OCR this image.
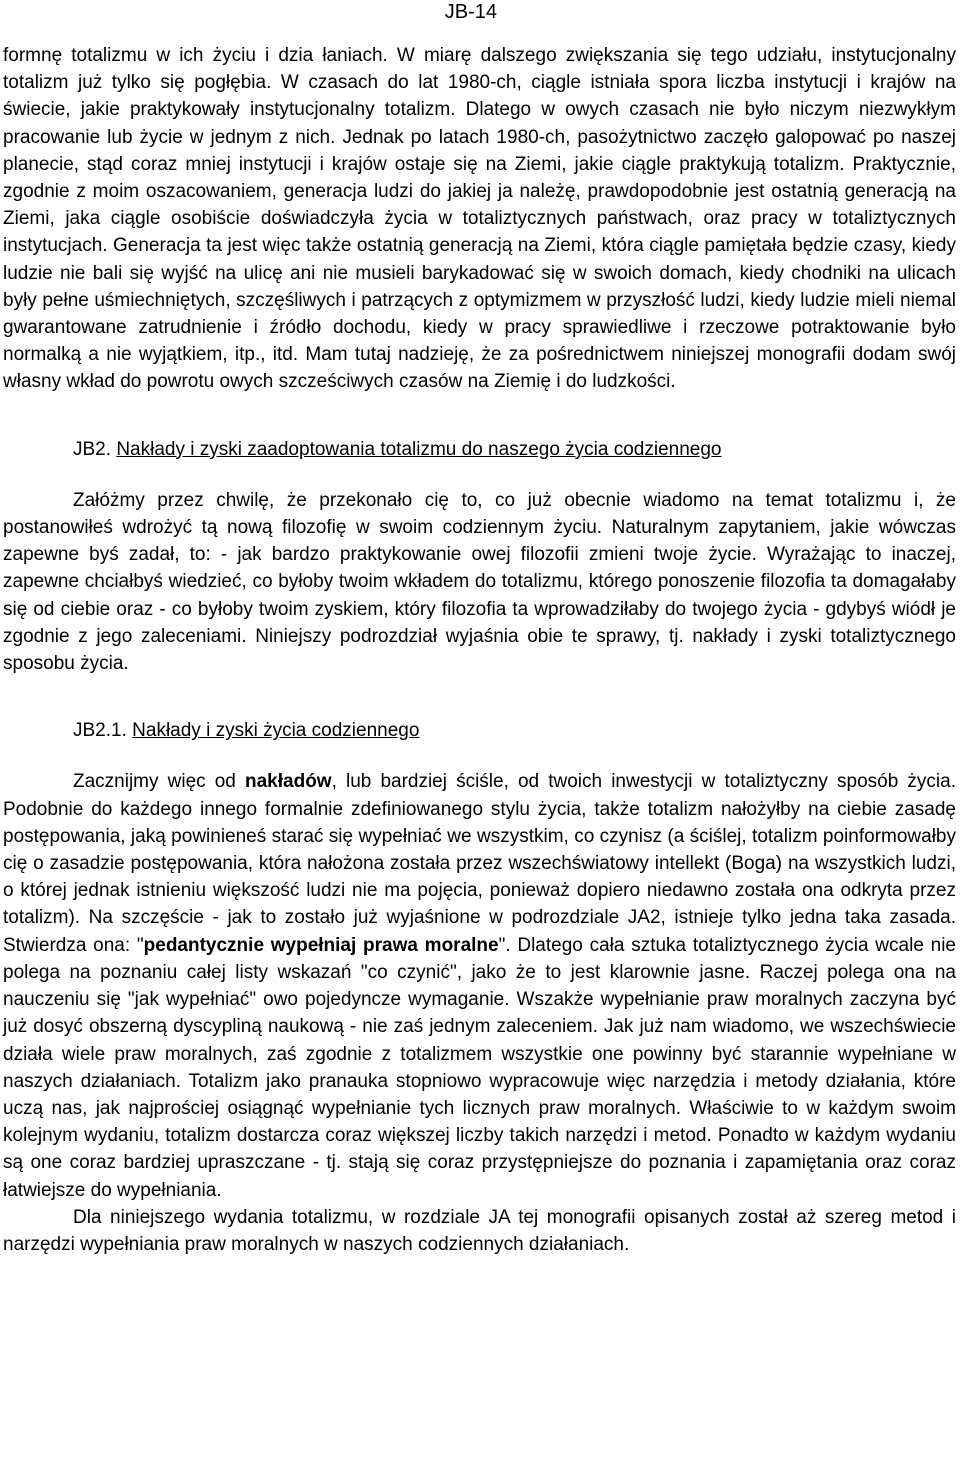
JB-14

formnę totalizmu w ich życiu i dzia łaniach. W miarę dalszego zwiększania się tego udziału, instytucjonalny totalizm już tylko się pogłębia. W czasach do lat 1980-ch, ciągle istniała spora liczba instytucji i krajów na świecie, jakie praktykowały instytucjonalny totalizm. Dlatego w owych czasach nie było niczym niezwykłym pracowanie lub życie w jednym z nich. Jednak po latach 1980-ch, pasożytnictwo zaczęło galopować po naszej planecie, stąd coraz mniej instytucji i krajów ostaje się na Ziemi, jakie ciągle praktykują totalizm. Praktycznie, zgodnie z moim oszacowaniem, generacja ludzi do jakiej ja należę, prawdopodobnie jest ostatnią generacją na Ziemi, jaka ciągle osobiście doświadczyła życia w totaliztycznych państwach, oraz pracy w totaliztycznych instytucjach. Generacja ta jest więc także ostatnią generacją na Ziemi, która ciągle pamiętała będzie czasy, kiedy ludzie nie bali się wyjść na ulicę ani nie musieli barykadować się w swoich domach, kiedy chodniki na ulicach były pełne uśmiechniętych, szczęśliwych i patrzących z optymizmem w przyszłość ludzi, kiedy ludzie mieli niemal gwarantowane zatrudnienie i źródło dochodu, kiedy w pracy sprawiedliwe i rzeczowe potraktowanie było normalką a nie wyjątkiem, itp., itd. Mam tutaj nadzieję, że za pośrednictwem niniejszej monografii dodam swój własny wkład do powrotu owych szcześciwych czasów na Ziemię i do ludzkości.

JB2. Nakłady i zyski zaadoptowania totalizmu do naszego życia codziennego

Załóżmy przez chwilę, że przekonało cię to, co już obecnie wiadomo na temat totalizmu i, że postanowiłeś wdrożyć tą nową filozofię w swoim codziennym życiu. Naturalnym zapytaniem, jakie wówczas zapewne byś zadał, to: - jak bardzo praktykowanie owej filozofii zmieni twoje życie. Wyrażając to inaczej, zapewne chciałbyś wiedzieć, co byłoby twoim wkładem do totalizmu, którego ponoszenie filozofia ta domagałaby się od ciebie oraz - co byłoby twoim zyskiem, który filozofia ta wprowadziłaby do twojego życia - gdybyś wiódł je zgodnie z jego zaleceniami. Niniejszy podrozdział wyjaśnia obie te sprawy, tj. nakłady i zyski totaliztycznego sposobu życia.

JB2.1. Nakłady i zyski życia codziennego

Zacznijmy więc od nakładów, lub bardziej ściśle, od twoich inwestycji w totaliztyczny sposób życia. Podobnie do każdego innego formalnie zdefiniowanego stylu życia, także totalizm nałożyłby na ciebie zasadę postępowania, jaką powinieneś starać się wypełniać we wszystkim, co czynisz (a ściślej, totalizm poinformowałby cię o zasadzie postępowania, która nałożona została przez wszechświatowy intellekt (Boga) na wszystkich ludzi, o której jednak istnieniu większość ludzi nie ma pojęcia, ponieważ dopiero niedawno została ona odkryta przez totalizm). Na szczęście - jak to zostało już wyjaśnione w podrozdziale JA2, istnieje tylko jedna taka zasada. Stwierdza ona: "pedantycznie wypełniaj prawa moralne". Dlatego cała sztuka totaliztycznego życia wcale nie polega na poznaniu całej listy wskazań "co czynić", jako że to jest klarownie jasne. Raczej polega ona na nauczeniu się "jak wypełniać" owo pojedyncze wymaganie. Wszakże wypełnianie praw moralnych zaczyna być już dosyć obszerną dyscypliną naukową - nie zaś jednym zaleceniem. Jak już nam wiadomo, we wszechświecie działa wiele praw moralnych, zaś zgodnie z totalizmem wszystkie one powinny być starannie wypełniane w naszych działaniach. Totalizm jako pranauka stopniowo wypracowuje więc narzędzia i metody działania, które uczą nas, jak najprościej osiągnąć wypełnianie tych licznych praw moralnych. Właściwie to w każdym swoim kolejnym wydaniu, totalizm dostarcza coraz większej liczby takich narzędzi i metod. Ponadto w każdym wydaniu są one coraz bardziej upraszczane - tj. stają się coraz przystępniejsze do poznania i zapamiętania oraz coraz łatwiejsze do wypełniania.

Dla niniejszego wydania totalizmu, w rozdziale JA tej monografii opisanych został aż szereg metod i narzędzi wypełniania praw moralnych w naszych codziennych działaniach.
